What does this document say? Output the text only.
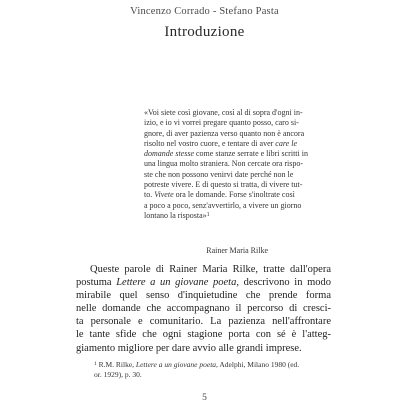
Vincenzo Corrado - Stefano Pasta
Introduzione
«Voi siete così giovane, così al di sopra d'ogni in-
izio, e io vi vorrei pregare quanto posso, caro si-
gnore, di aver pazienza verso quanto non è ancora
risolto nel vostro cuore, e tentare di aver care le
domande stesse come stanze serrate e libri scritti in
una lingua molto straniera. Non cercate ora rispo-
ste che non possono venirvi date perché non le
potreste vivere. E di questo si tratta, di vivere tut-
to. Vivete ora le domande. Forse s'inoltrate così
a poco a poco, senz'avvertirlo, a vivere un giorno
lontano la risposta»$^1$
Rainer Maria Rilke
Queste parole di Rainer Maria Rilke, tratte dall'opera
postuma Lettere a un giovane poeta, descrivono in modo
mirabile quel senso d'inquietudine che prende forma
nelle domande che accompagnano il percorso di cresci-
ta personale e comunitario. La pazienza nell'affrontare
le tante sfide che ogni stagione porta con sé è l'atteg-
giamento migliore per dare avvio alle grandi imprese.
$^1$ R.M. Rilke, Lettere a un giovane poeta, Adelphi, Milano 1980 (ed.
or. 1929), p. 30.
5
